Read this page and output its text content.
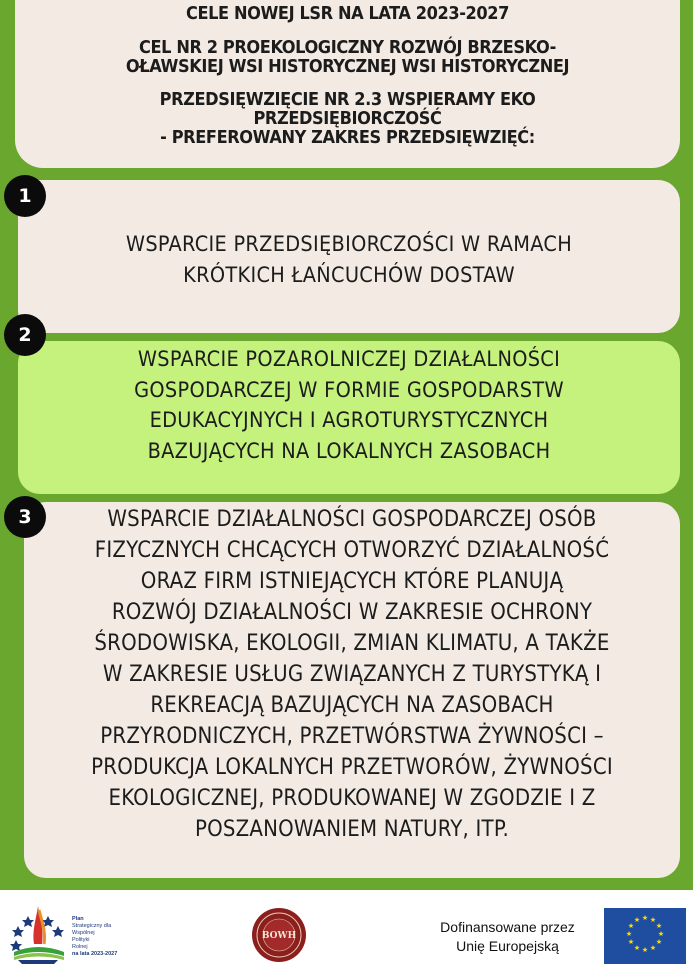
CELE NOWEJ LSR NA LATA 2023-2027
CEL NR 2 PROEKOLOGICZNY ROZWÓJ BRZESKO-
OŁAWSKIEJ WSI HISTORYCZNEJ WSI HISTORYCZNEJ
PRZEDSIĘWZIĘCIE NR 2.3 WSPIERAMY EKO
PRZEDSIĘBIORCZOŚĆ
- PREFEROWANY ZAKRES PRZEDSIĘWZIĘĆ:
WSPARCIE PRZEDSIĘBIORCZOŚCI W RAMACH
KRÓTKICH ŁAŃCUCHÓW DOSTAW
WSPARCIE POZAROLNICZEJ DZIAŁALNOŚCI
GOSPODARCZEJ W FORMIE GOSPODARSTW
EDUKACYJNYCH I AGROTURYSTYCZNYCH
BAZUJĄCYCH NA LOKALNYCH ZASOBACH
WSPARCIE DZIAŁALNOŚCI GOSPODARCZEJ OSÓB
FIZYCZNYCH CHCĄCYCH OTWORZYĆ DZIAŁALNOŚĆ
ORAZ FIRM ISTNIEJĄCYCH KTÓRE PLANUJĄ
ROZWÓJ DZIAŁALNOŚCI W ZAKRESIE OCHRONY
ŚRODOWISKA, EKOLOGII, ZMIAN KLIMATU, A TAKŻE
W ZAKRESIE USŁUG ZWIĄZANYCH Z TURYSTYKĄ I
REKREACJĄ BAZUJĄCYCH NA ZASOBACH
PRZYRODNICZYCH, PRZETWÓRSTWA ŻYWNOŚCI –
PRODUKCJA LOKALNYCH PRZETWORÓW, ŻYWNOŚCI
EKOLOGICZNEJ, PRODUKOWANEJ W ZGODZIE I Z
POSZANOWANIEM NATURY, ITP.
1
2
3
Plan
Strategiczny dla
Wspólnej
Polityki
Rolnej
na lata 2023-2027
BOWH
Dofinansowane przez
Unię Europejską
★ ★
★
★
★
★
★
★
★
★
★
★
